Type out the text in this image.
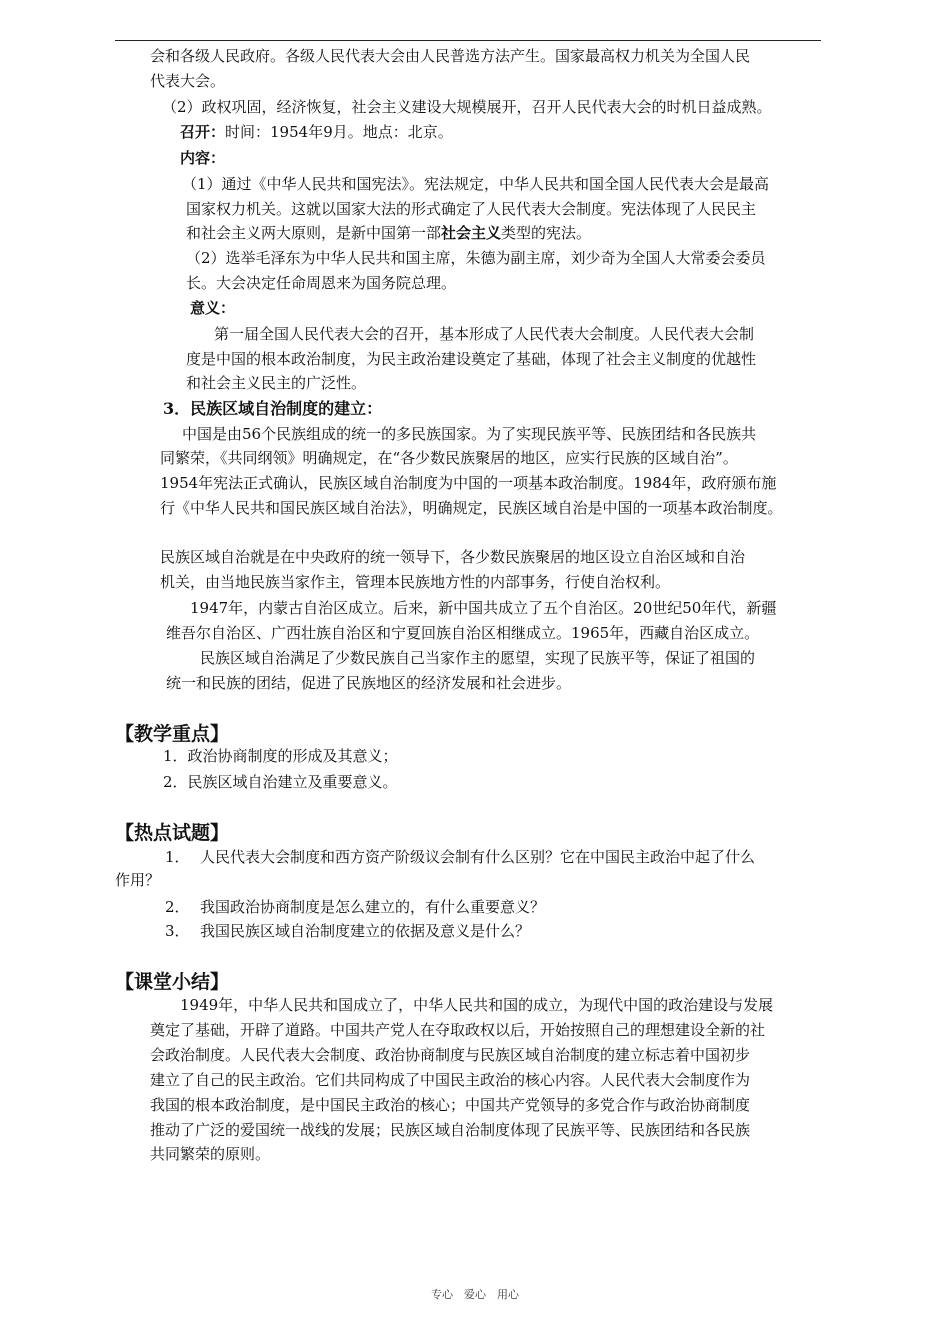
会和各级人民政府。各级人民代表大会由人民普选方法产生。国家最高权力机关为全国人民
代表大会。
（2）政权巩固，经济恢复，社会主义建设大规模展开，召开人民代表大会的时机日益成熟。
召开：时间：1954年9月。地点：北京。
内容：
（1）通过《中华人民共和国宪法》。宪法规定，中华人民共和国全国人民代表大会是最高
国家权力机关。这就以国家大法的形式确定了人民代表大会制度。宪法体现了人民民主
和社会主义两大原则，是新中国第一部社会主义类型的宪法。
（2）选举毛泽东为中华人民共和国主席，朱德为副主席，刘少奇为全国人大常委会委员
长。大会决定任命周恩来为国务院总理。
意义：
第一届全国人民代表大会的召开，基本形成了人民代表大会制度。人民代表大会制
度是中国的根本政治制度，为民主政治建设奠定了基础，体现了社会主义制度的优越性
和社会主义民主的广泛性。
3．民族区域自治制度的建立：
中国是由56个民族组成的统一的多民族国家。为了实现民族平等、民族团结和各民族共
同繁荣，《共同纲领》明确规定，在“各少数民族聚居的地区，应实行民族的区域自治”。
1954年宪法正式确认，民族区域自治制度为中国的一项基本政治制度。1984年，政府颁布施
行《中华人民共和国民族区域自治法》，明确规定，民族区域自治是中国的一项基本政治制度。
民族区域自治就是在中央政府的统一领导下，各少数民族聚居的地区设立自治区域和自治
机关，由当地民族当家作主，管理本民族地方性的内部事务，行使自治权利。
1947年，内蒙古自治区成立。后来，新中国共成立了五个自治区。20世纪50年代，新疆
维吾尔自治区、广西壮族自治区和宁夏回族自治区相继成立。1965年，西藏自治区成立。
民族区域自治满足了少数民族自己当家作主的愿望，实现了民族平等，保证了祖国的
统一和民族的团结，促进了民族地区的经济发展和社会进步。
【教学重点】
1．政治协商制度的形成及其意义；
2．民族区域自治建立及重要意义。
【热点试题】
1． 人民代表大会制度和西方资产阶级议会制有什么区别？它在中国民主政治中起了什么
作用？
2． 我国政治协商制度是怎么建立的，有什么重要意义？
3． 我国民族区域自治制度建立的依据及意义是什么？
【课堂小结】
1949年，中华人民共和国成立了，中华人民共和国的成立，为现代中国的政治建设与发展
奠定了基础，开辟了道路。中国共产党人在夺取政权以后，开始按照自己的理想建设全新的社
会政治制度。人民代表大会制度、政治协商制度与民族区域自治制度的建立标志着中国初步
建立了自己的民主政治。它们共同构成了中国民主政治的核心内容。人民代表大会制度作为
我国的根本政治制度，是中国民主政治的核心；中国共产党领导的多党合作与政治协商制度
推动了广泛的爱国统一战线的发展；民族区域自治制度体现了民族平等、民族团结和各民族
共同繁荣的原则。
专心　爱心　用心
